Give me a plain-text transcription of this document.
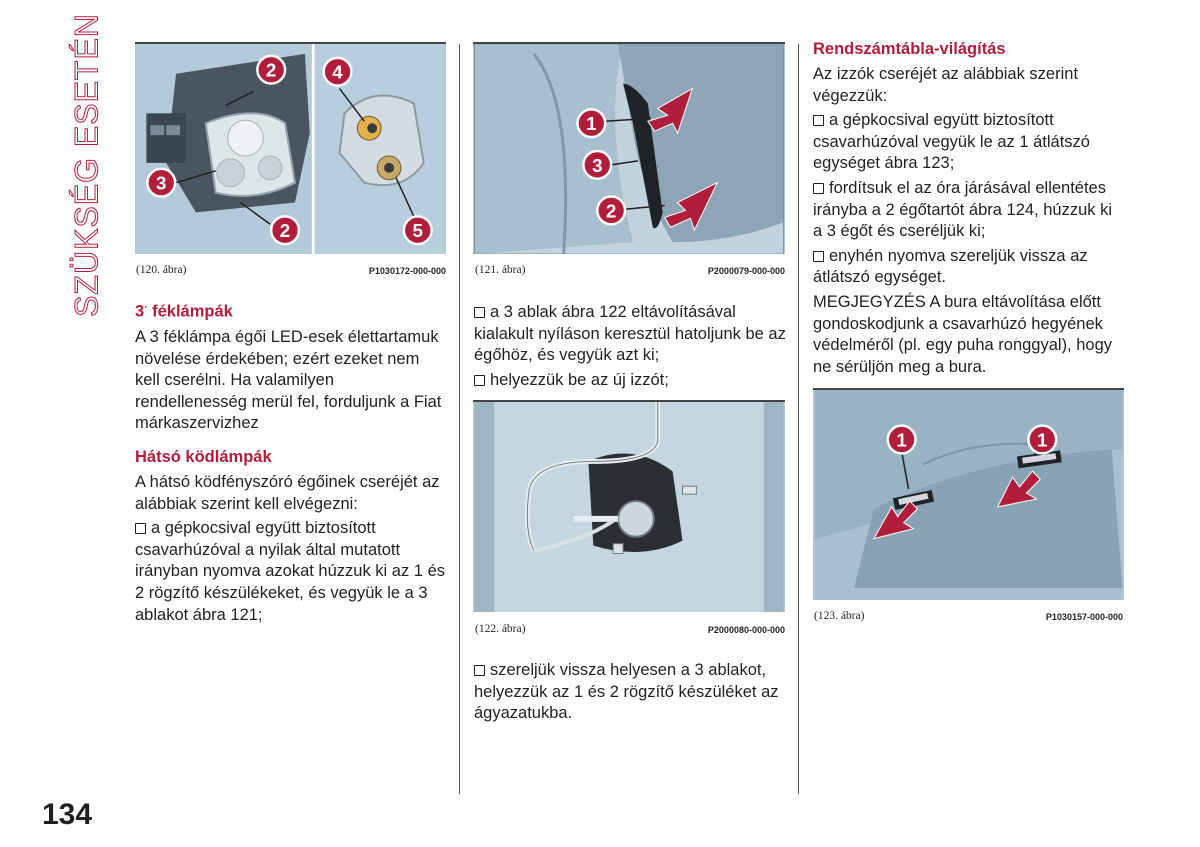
SZÜKSÉG ESETÉN	2
3
2
4
5
(120. ábra)	P1030172-000-000
3· féklámpák

A 3 féklámpa égői LED-esek élettartamuk növelése érdekében; ezért ezeket nem kell cserélni. Ha valamilyen rendellenesség merül fel, forduljunk a Fiat márkaszervizhez

Hátsó ködlámpák

A hátsó ködfényszóró égőinek cseréjét az alábbiak szerint kell elvégezni:

a gépkocsival együtt biztosított csavarhúzóval a nyilak által mutatott irányban nyomva azokat húzzuk ki az 1 és 2 rögzítő készülékeket, és vegyük le a 3 ablakot ábra 121;

1
3
2
(121. ábra)	P2000079-000-000

a 3 ablak ábra 122 eltávolításával kialakult nyíláson keresztül hatoljunk be az égőhöz, és vegyük azt ki;

helyezzük be az új izzót;

(122. ábra)	P2000080-000-000

szereljük vissza helyesen a 3 ablakot, helyezzük az 1 és 2 rögzítő készüléket az ágyazatukba.

Rendszámtábla-világítás

Az izzók cseréjét az alábbiak szerint végezzük:

a gépkocsival együtt biztosított csavarhúzóval vegyük le az 1 átlátszó egységet ábra 123;

fordítsuk el az óra járásával ellentétes irányba a 2 égőtartót ábra 124, húzzuk ki a 3 égőt és cseréljük ki;

enyhén nyomva szereljük vissza az átlátszó egységet.

MEGJEGYZÉS A bura eltávolítása előtt gondoskodjunk a csavarhúzó hegyének védelméről (pl. egy puha ronggyal), hogy ne sérüljön meg a bura.

1	1
(123. ábra)	P1030157-000-000
134
